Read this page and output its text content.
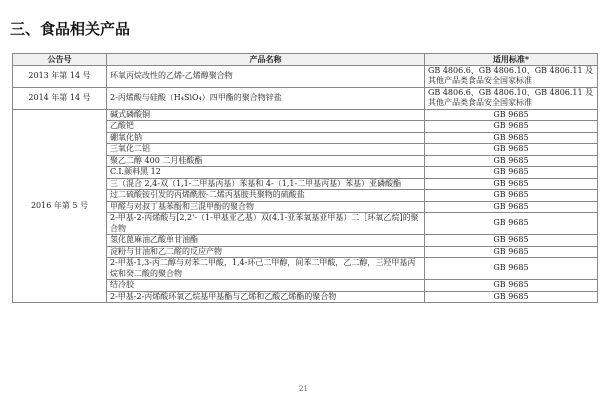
三、食品相关产品
公告号	产品名称	适用标准*
2013 年第 14 号	环氧丙烷改性的乙烯-乙烯醇聚合物	GB 4806.6、GB 4806.10、GB 4806.11 及其他产品类食品安全国家标准
2014 年第 14 号	2-丙烯酸与硅酸（H₄SiO₄）四甲酯的聚合物锌盐	GB 4806.6、GB 4806.10、GB 4806.11 及其他产品类食品安全国家标准
2016 年第 5 号	碱式磷酸铜	GB 9685
	乙酸钯	GB 9685
	硼氧化钠	GB 9685
	三氧化二铝	GB 9685
	聚乙二醇 400 二月桂酸酯	GB 9685
	C.I.颜料黑 12	GB 9685
	三（混合 2,4-双（1,1-二甲基丙基）苯基和 4-（1,1-二甲基丙基）苯基）亚磷酸酯	GB 9685
	过二硫酸铵引发的丙烯酰胺-二烯丙基胺共聚物的硫酸盐	GB 9685
	甲醛与对叔丁基苯酚和三混甲酚的聚合物	GB 9685
	2-甲基-2-丙烯酸与[2,2'-（1-甲基亚乙基）双(4,1-亚苯氧基亚甲基）二［环氧乙烷]的聚合物	GB 9685
	氢化蓖麻油乙酸单甘油酯	GB 9685
	淀粉与甘油和乙二醛的反应产物	GB 9685
	2-甲基-1,3-丙二醇与对苯二甲酸，1,4-环己二甲醇，间苯二甲酸，乙二醇，三羟甲基丙烷和癸二酸的聚合物	GB 9685
	结冷胶	GB 9685
	2-甲基-2-丙烯酸环氧乙烷基甲基酯与乙烯和乙酸乙烯酯的聚合物	GB 9685
21
